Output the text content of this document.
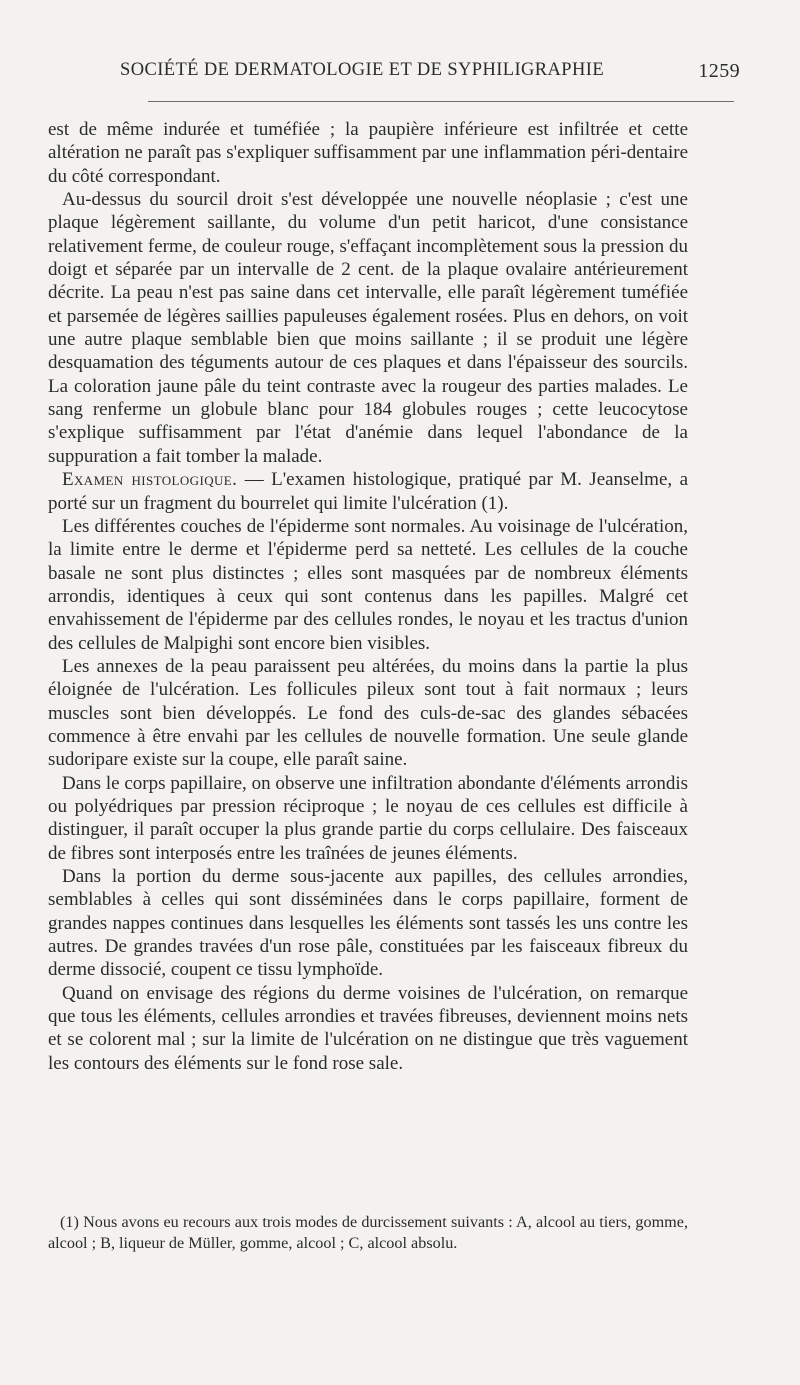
SOCIÉTÉ DE DERMATOLOGIE ET DE SYPHILIGRAPHIE	1259

est de même indurée et tuméfiée ; la paupière inférieure est infiltrée et cette altération ne paraît pas s'expliquer suffisamment par une inflammation péri-dentaire du côté correspondant.

Au-dessus du sourcil droit s'est développée une nouvelle néoplasie ; c'est une plaque légèrement saillante, du volume d'un petit haricot, d'une consistance relativement ferme, de couleur rouge, s'effaçant incomplètement sous la pression du doigt et séparée par un intervalle de 2 cent. de la plaque ovalaire antérieurement décrite. La peau n'est pas saine dans cet intervalle, elle paraît légèrement tuméfiée et parsemée de légères saillies papuleuses également rosées. Plus en dehors, on voit une autre plaque semblable bien que moins saillante ; il se produit une légère desquamation des téguments autour de ces plaques et dans l'épaisseur des sourcils. La coloration jaune pâle du teint contraste avec la rougeur des parties malades. Le sang renferme un globule blanc pour 184 globules rouges ; cette leucocytose s'explique suffisamment par l'état d'anémie dans lequel l'abondance de la suppuration a fait tomber la malade.

Examen histologique. — L'examen histologique, pratiqué par M. Jeanselme, a porté sur un fragment du bourrelet qui limite l'ulcération (1).

Les différentes couches de l'épiderme sont normales. Au voisinage de l'ulcération, la limite entre le derme et l'épiderme perd sa netteté. Les cellules de la couche basale ne sont plus distinctes ; elles sont masquées par de nombreux éléments arrondis, identiques à ceux qui sont contenus dans les papilles. Malgré cet envahissement de l'épiderme par des cellules rondes, le noyau et les tractus d'union des cellules de Malpighi sont encore bien visibles.

Les annexes de la peau paraissent peu altérées, du moins dans la partie la plus éloignée de l'ulcération. Les follicules pileux sont tout à fait normaux ; leurs muscles sont bien développés. Le fond des culs-de-sac des glandes sébacées commence à être envahi par les cellules de nouvelle formation. Une seule glande sudoripare existe sur la coupe, elle paraît saine.

Dans le corps papillaire, on observe une infiltration abondante d'éléments arrondis ou polyédriques par pression réciproque ; le noyau de ces cellules est difficile à distinguer, il paraît occuper la plus grande partie du corps cellulaire. Des faisceaux de fibres sont interposés entre les traînées de jeunes éléments.

Dans la portion du derme sous-jacente aux papilles, des cellules arrondies, semblables à celles qui sont disséminées dans le corps papillaire, forment de grandes nappes continues dans lesquelles les éléments sont tassés les uns contre les autres. De grandes travées d'un rose pâle, constituées par les faisceaux fibreux du derme dissocié, coupent ce tissu lymphoïde.

Quand on envisage des régions du derme voisines de l'ulcération, on remarque que tous les éléments, cellules arrondies et travées fibreuses, deviennent moins nets et se colorent mal ; sur la limite de l'ulcération on ne distingue que très vaguement les contours des éléments sur le fond rose sale.

(1) Nous avons eu recours aux trois modes de durcissement suivants : A, alcool au tiers, gomme, alcool ; B, liqueur de Müller, gomme, alcool ; C, alcool absolu.
